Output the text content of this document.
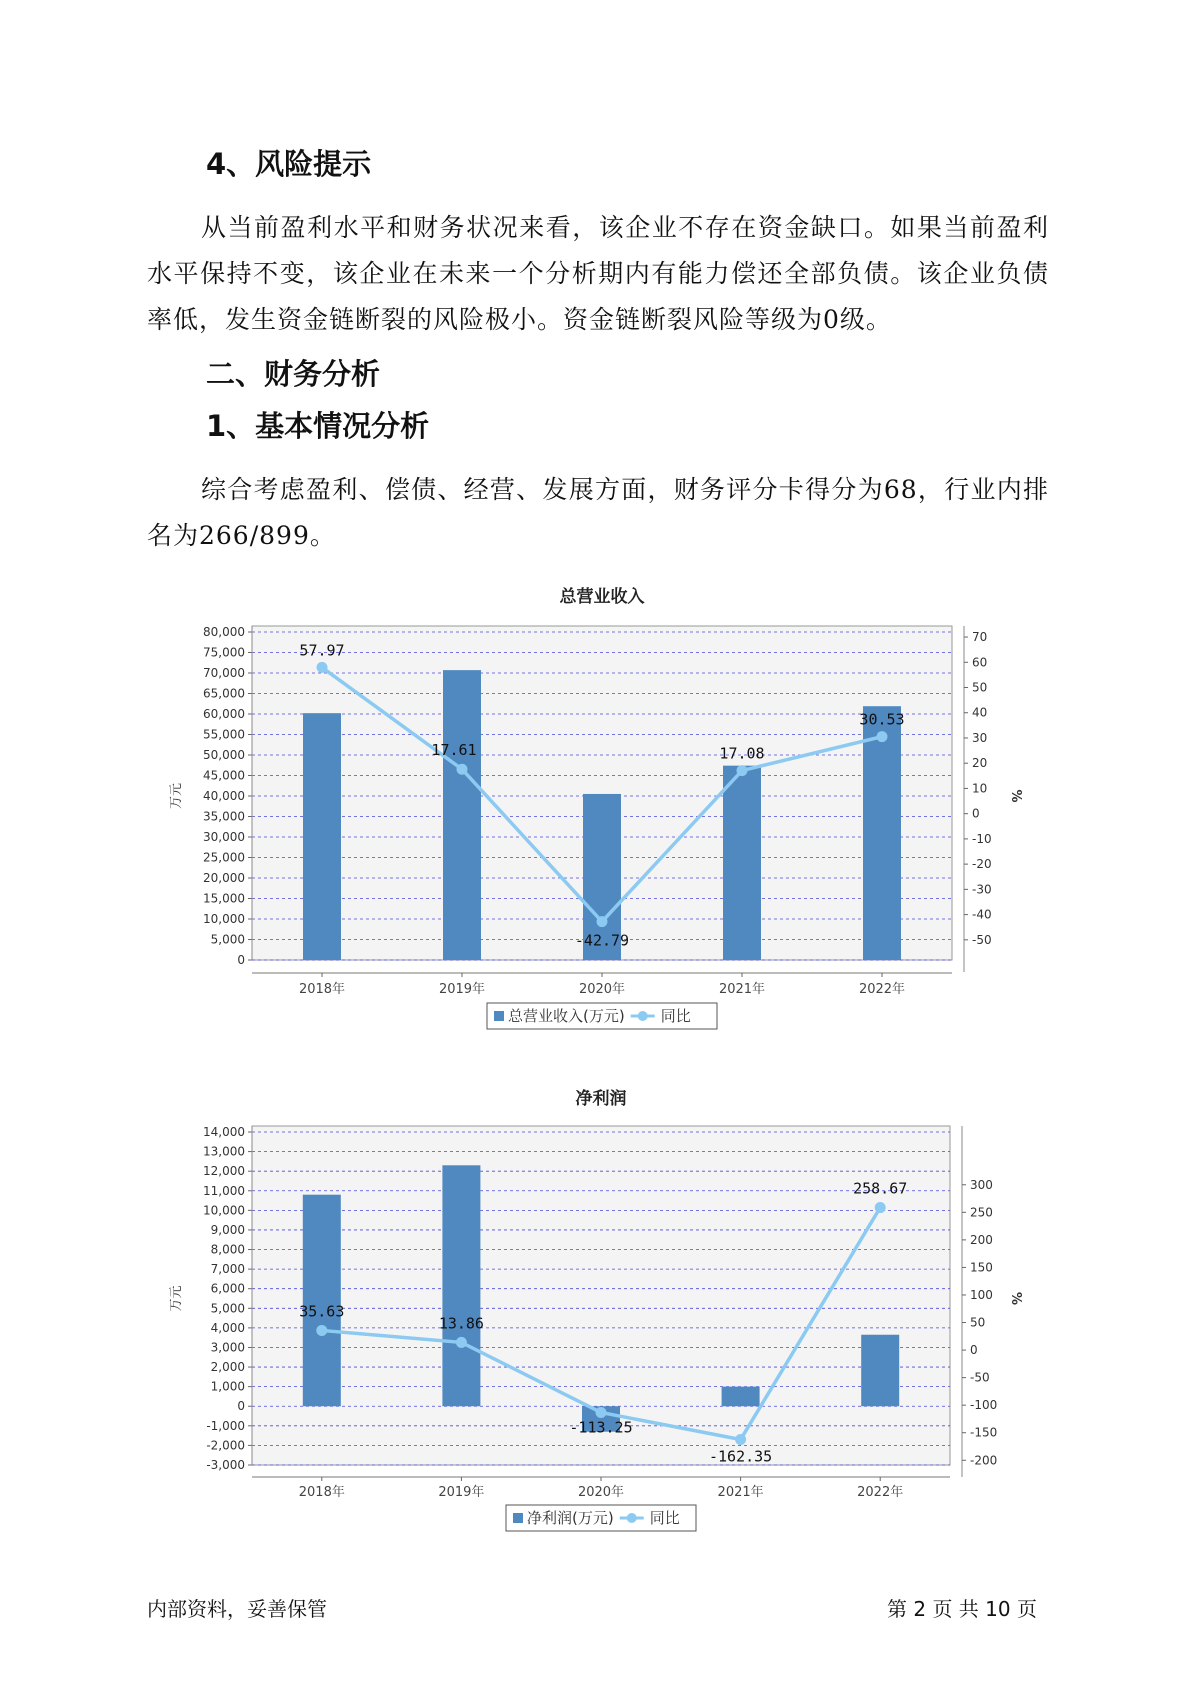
4、风险提示

从当前盈利水平和财务状况来看，该企业不存在资金缺口。如果当前盈利水平保持不变，该企业在未来一个分析期内有能力偿还全部负债。该企业负债率低，发生资金链断裂的风险极小。资金链断裂风险等级为0级。

二、财务分析
1、基本情况分析

综合考虑盈利、偿债、经营、发展方面，财务评分卡得分为68，行业内排名为266/899。

总营业收入
0
5,000
10,000
15,000
20,000
25,000
30,000
35,000
40,000
45,000
50,000
55,000
60,000
65,000
70,000
75,000
80,000
-50
-40
-30
-20
-10
0
10
20
30
40
50
60
70
2018年	2019年	2020年	2021年	2022年
万元	%
57.97
17.61
-42.79
17.08
30.53
总营业收入(万元) 同比
净利润
-3,000
-2,000
-1,000
0
1,000
2,000
3,000
4,000
5,000
6,000
7,000
8,000
9,000
10,000
11,000
12,000
13,000
14,000
-200
-150
-100
-50
0
50
100
150
200
250
300
2018年	2019年	2020年	2021年	2022年
万元	%
35.63
13.86
-113.25
-162.35
258.67
净利润(万元) 同比
内部资料，妥善保管	第 2 页 共 10 页
